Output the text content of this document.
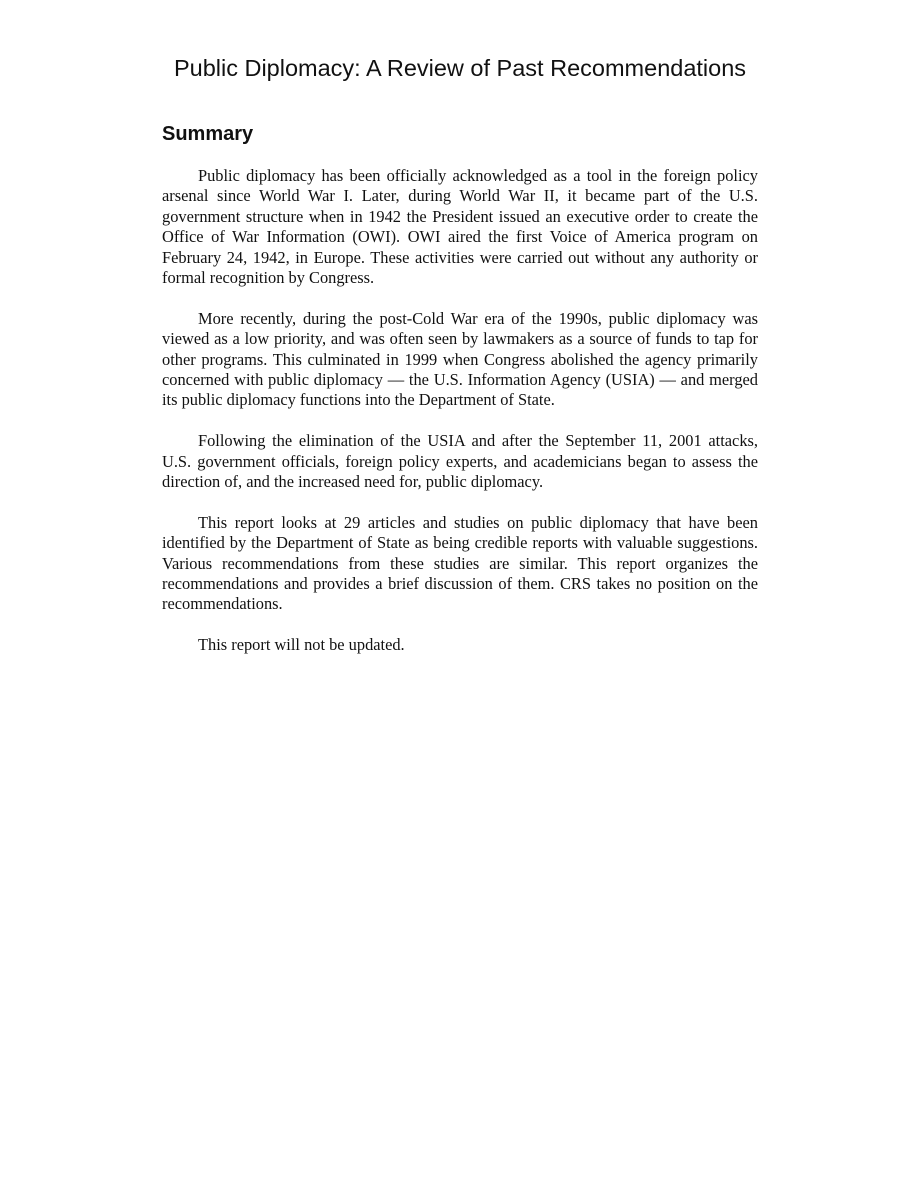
Public Diplomacy: A Review of Past Recommendations
Summary

Public diplomacy has been officially acknowledged as a tool in the foreign policy arsenal since World War I. Later, during World War II, it became part of the U.S. government structure when in 1942 the President issued an executive order to create the Office of War Information (OWI). OWI aired the first Voice of America program on February 24, 1942, in Europe. These activities were carried out without any authority or formal recognition by Congress.

More recently, during the post-Cold War era of the 1990s, public diplomacy was viewed as a low priority, and was often seen by lawmakers as a source of funds to tap for other programs. This culminated in 1999 when Congress abolished the agency primarily concerned with public diplomacy — the U.S. Information Agency (USIA) — and merged its public diplomacy functions into the Department of State.

Following the elimination of the USIA and after the September 11, 2001 attacks, U.S. government officials, foreign policy experts, and academicians began to assess the direction of, and the increased need for, public diplomacy.

This report looks at 29 articles and studies on public diplomacy that have been identified by the Department of State as being credible reports with valuable suggestions. Various recommendations from these studies are similar. This report organizes the recommendations and provides a brief discussion of them. CRS takes no position on the recommendations.

This report will not be updated.
